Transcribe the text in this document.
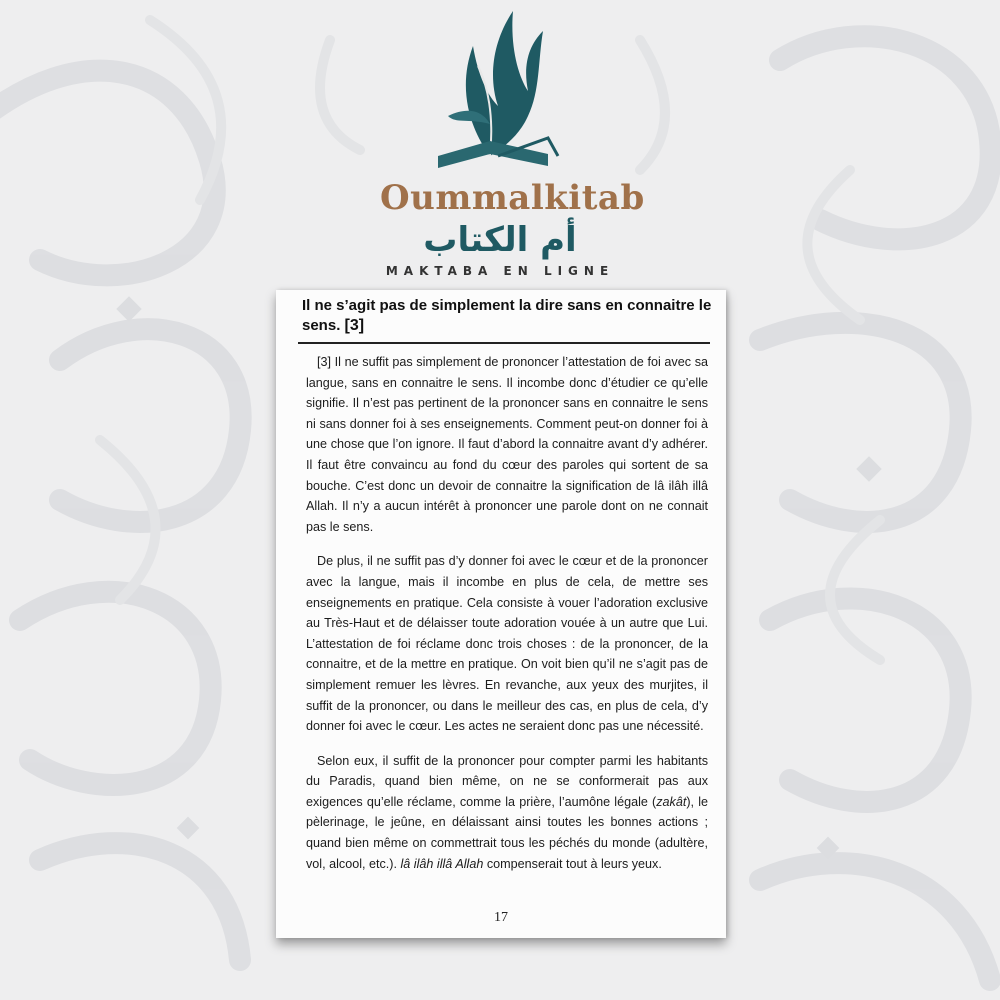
Oummalkitab
أم الكتاب
MAKTABA EN LIGNE
Il ne s’agit pas de simplement la dire sans en connaitre le sens. [3]

[3] Il ne suffit pas simplement de prononcer l’attestation de foi avec sa langue, sans en connaitre le sens. Il incombe donc d’étudier ce qu’elle signifie. Il n’est pas pertinent de la prononcer sans en connaitre le sens ni sans donner foi à ses enseignements. Comment peut-on donner foi à une chose que l’on ignore. Il faut d’abord la connaitre avant d’y adhérer. Il faut être convaincu au fond du cœur des paroles qui sortent de sa bouche. C’est donc un devoir de connaitre la signification de lâ ilâh illâ Allah. Il n’y a aucun intérêt à prononcer une parole dont on ne connait pas le sens.

De plus, il ne suffit pas d’y donner foi avec le cœur et de la prononcer avec la langue, mais il incombe en plus de cela, de mettre ses enseignements en pratique. Cela consiste à vouer l’adoration exclusive au Très-Haut et de délaisser toute adoration vouée à un autre que Lui. L’attestation de foi réclame donc trois choses : de la prononcer, de la connaitre, et de la mettre en pratique. On voit bien qu’il ne s’agit pas de simplement remuer les lèvres. En revanche, aux yeux des murjites, il suffit de la prononcer, ou dans le meilleur des cas, en plus de cela, d’y donner foi avec le cœur. Les actes ne seraient donc pas une nécessité.

Selon eux, il suffit de la prononcer pour compter parmi les habitants du Paradis, quand bien même, on ne se conformerait pas aux exigences qu’elle réclame, comme la prière, l’aumône légale (zakât), le pèlerinage, le jeûne, en délaissant ainsi toutes les bonnes actions ; quand bien même on commettrait tous les péchés du monde (adultère, vol, alcool, etc.). lâ ilâh illâ Allah compenserait tout à leurs yeux.

17
